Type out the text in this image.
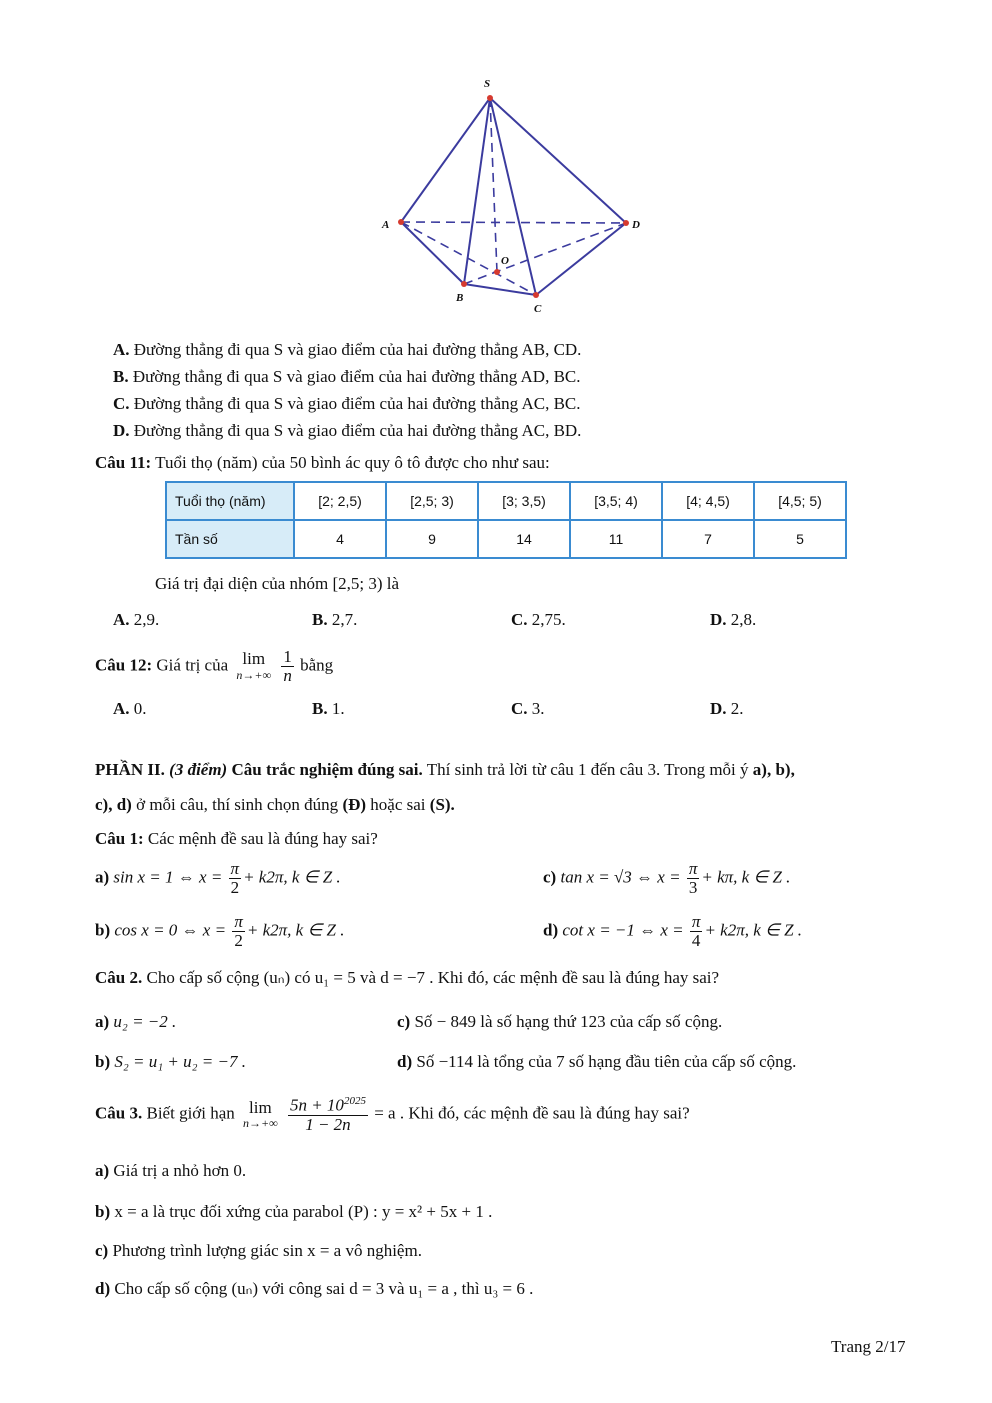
S
A	D
O
B
C
A. Đường thẳng đi qua S và giao điểm của hai đường thẳng AB, CD.
B. Đường thẳng đi qua S và giao điểm của hai đường thẳng AD, BC.
C. Đường thẳng đi qua S và giao điểm của hai đường thẳng AC, BC.
D. Đường thẳng đi qua S và giao điểm của hai đường thẳng AC, BD.
Câu 11: Tuổi thọ (năm) của 50 bình ác quy ô tô được cho như sau:
Tuổi thọ (năm)	[2; 2,5)	[2,5; 3)	[3; 3,5)	[3,5; 4)	[4; 4,5)	[4,5; 5)
Tần số	4	9	14	11	7	5
Giá trị đại diện của nhóm [2,5; 3) là
A. 2,9.	B. 2,7.	C. 2,75.	D. 2,8.
Câu 12: Giá trị của lim
n→+∞
$\frac{1}{n}$ bằng
A. 0.	B. 1.	C. 3.	D. 2.
PHẦN II. (3 điểm) Câu trắc nghiệm đúng sai. Thí sinh trả lời từ câu 1 đến câu 3. Trong mỗi ý a), b),
c), d) ở mỗi câu, thí sinh chọn đúng (Đ) hoặc sai (S).
Câu 1: Các mệnh đề sau là đúng hay sai?
a) sin x = 1 ⇔ $x = \frac{\pi}{2} + k2\pi$, k ∈ Z .	c) tan x = √3 ⇔ $x = \frac{\pi}{3} + k\pi$, k ∈ Z .
b) cos x = 0 ⇔ $x = \frac{\pi}{2} + k2\pi$, k ∈ Z .	d) cot x = −1 ⇔ $x = \frac{\pi}{4} + k2\pi$, k ∈ Z .
Câu 2. Cho cấp số cộng (uₙ) có u₁ = 5 và d = −7 . Khi đó, các mệnh đề sau là đúng hay sai?
a) u₂ = −2 .	c) Số − 849 là số hạng thứ 123 của cấp số cộng.
b) S₂ = u₁ + u₂ = −7 .	d) Số −114 là tổng của 7 số hạng đầu tiên của cấp số cộng.
Câu 3. Biết giới hạn lim
n→+∞
$\frac{5n + 10^{2025}}{1 - 2n} = a$ . Khi đó, các mệnh đề sau là đúng hay sai?
a) Giá trị a nhỏ hơn 0.
b) x = a là trục đối xứng của parabol (P) : y = x² + 5x + 1 .
c) Phương trình lượng giác sin x = a vô nghiệm.
d) Cho cấp số cộng (uₙ) với công sai d = 3 và u₁ = a , thì u₃ = 6 .
Trang 2/17
